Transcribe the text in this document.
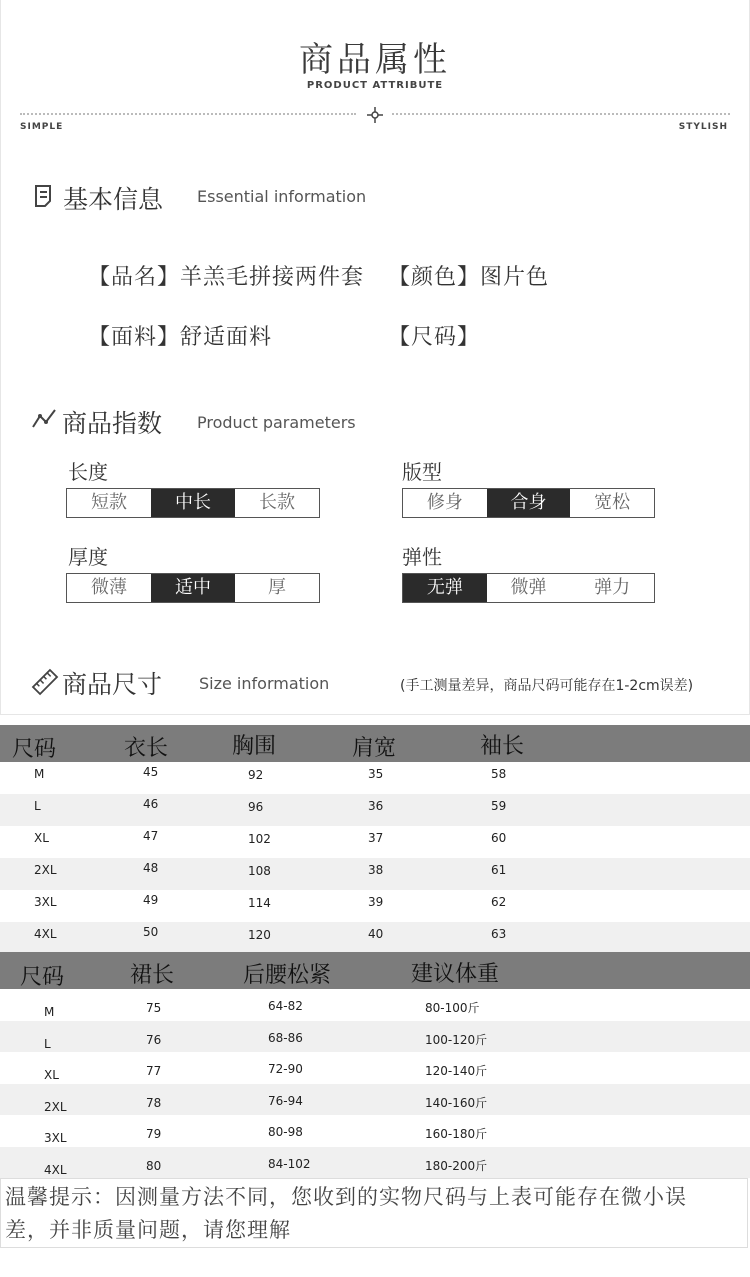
商品属性
PRODUCT ATTRIBUTE
SIMPLE	STYLISH
基本信息 Essential information
【品名】羊羔毛拼接两件套 【颜色】图片色
【面料】舒适面料	【尺码】
商品指数 Product parameters
长度
短款	中长	长款
版型
修身	合身	宽松
厚度
微薄	适中	厚
弹性
无弹	微弹	弹力
商品尺寸 Size information	(手工测量差异，商品尺码可能存在1-2cm误差)
尺码	衣长	胸围	肩宽	袖长
M	45	92	35	58
L	46	96	36	59
XL	47	102	37	60
2XL	48	108	38	61
3XL	49	114	39	62
4XL	50	120	40	63
尺码	裙长	后腰松紧	建议体重
M	75	64-82	80-100斤
L	76	68-86	100-120斤
XL	77	72-90	120-140斤
2XL	78	76-94	140-160斤
3XL	79	80-98	160-180斤
4XL	80	84-102	180-200斤
温馨提示：因测量方法不同，您收到的实物尺码与上表可能存在微小误
差，并非质量问题，请您理解
